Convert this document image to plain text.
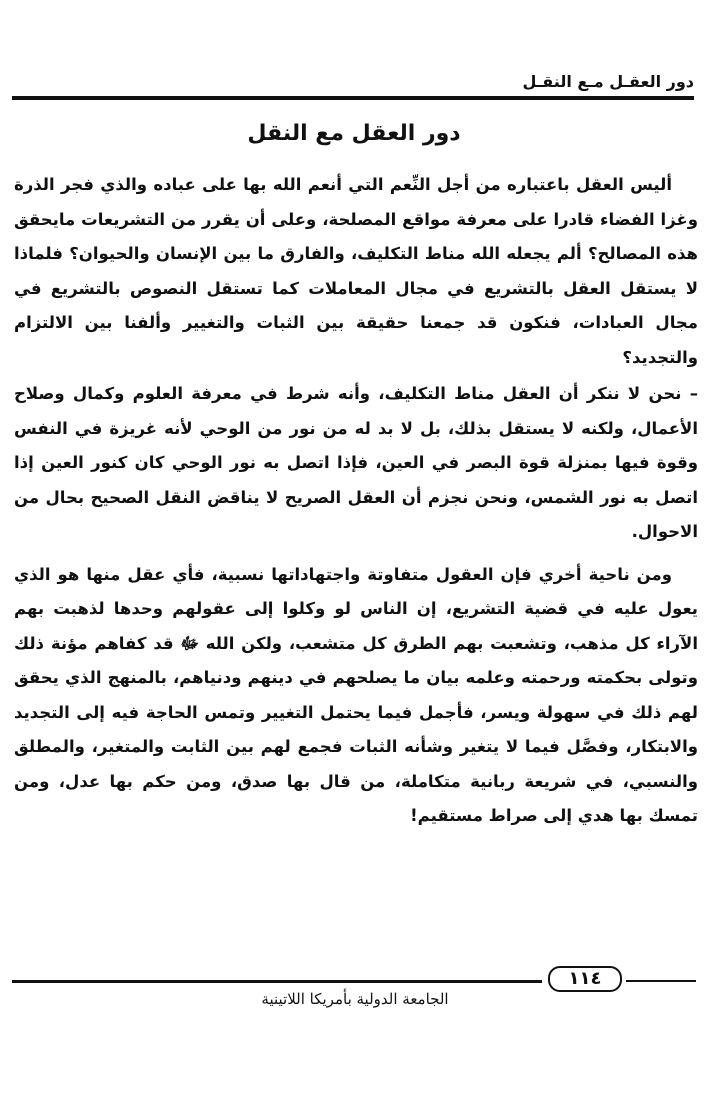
دور العقـل مـع النقـل
دور العقل مع النقل

أليس العقل باعتباره من أجل النِّعم التي أنعم الله بها على عباده والذي فجر الذرة وغزا الفضاء قادرا على معرفة مواقع المصلحة، وعلى أن يقرر من التشريعات مايحقق هذه المصالح؟ ألم يجعله الله مناط التكليف، والفارق ما بين الإنسان والحيوان؟ فلماذا لا يستقل العقل بالتشريع في مجال المعاملات كما تستقل النصوص بالتشريع في مجال العبادات، فنكون قد جمعنا حقيقة بين الثبات والتغيير وألفنا بين الالتزام والتجديد؟

– نحن لا ننكر أن العقل مناط التكليف، وأنه شرط في معرفة العلوم وكمال وصلاح الأعمال، ولكنه لا يستقل بذلك، بل لا بد له من نور من الوحي لأنه غريزة في النفس وقوة فيها بمنزلة قوة البصر في العين، فإذا اتصل به نور الوحي كان كنور العين إذا اتصل به نور الشمس، ونحن نجزم أن العقل الصريح لا يناقض النقل الصحيح بحال من الاحوال.

ومن ناحية أخري فإن العقول متفاوتة واجتهاداتها نسبية، فأي عقل منها هو الذي يعول عليه في قضية التشريع، إن الناس لو وكلوا إلى عقولهم وحدها لذهبت بهم الآراء كل مذهب، وتشعبت بهم الطرق كل متشعب، ولكن الله ﷻ قد كفاهم مؤنة ذلك وتولى بحكمته ورحمته وعلمه بيان ما يصلحهم في دينهم ودنياهم، بالمنهج الذي يحقق لهم ذلك في سهولة ويسر، فأجمل فيما يحتمل التغيير وتمس الحاجة فيه إلى التجديد والابتكار، وفصَّل فيما لا يتغير وشأنه الثبات فجمع لهم بين الثابت والمتغير، والمطلق والنسبي، في شريعة ربانية متكاملة، من قال بها صدق، ومن حكم بها عدل، ومن تمسك بها هدي إلى صراط مستقيم!

١١٤
الجامعة الدولية بأمريكا اللاتينية
